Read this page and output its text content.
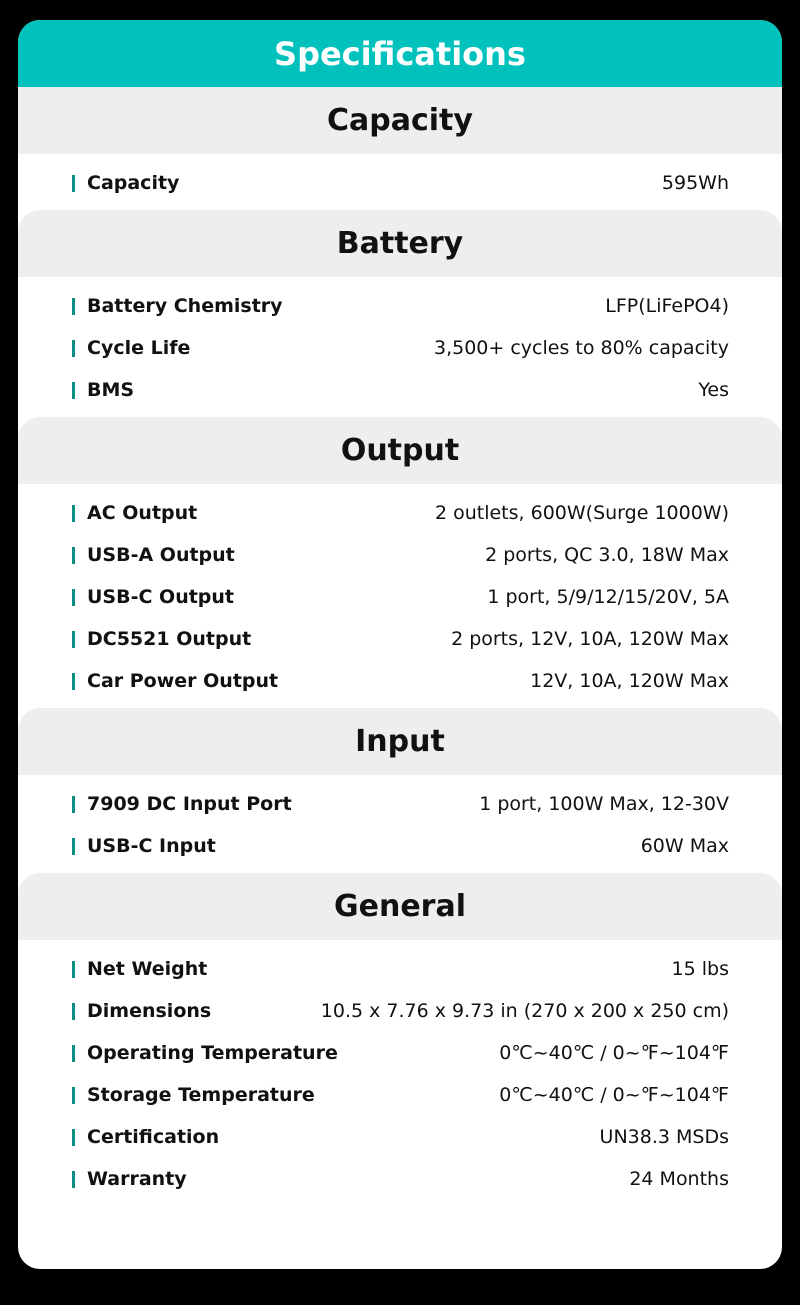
Specifications
Capacity
Capacity	595Wh
Battery
Battery Chemistry	LFP(LiFePO4)
Cycle Life	3,500+ cycles to 80% capacity
BMS	Yes
Output
AC Output	2 outlets, 600W(Surge 1000W)
USB-A Output	2 ports, QC 3.0, 18W Max
USB-C Output	1 port, 5/9/12/15/20V, 5A
DC5521 Output	2 ports, 12V, 10A, 120W Max
Car Power Output	12V, 10A, 120W Max
Input
7909 DC Input Port	1 port, 100W Max, 12-30V
USB-C Input	60W Max
General
Net Weight	15 lbs
Dimensions	10.5 x 7.76 x 9.73 in (270 x 200 x 250 cm)
Operating Temperature	0℃~40℃ / 0~℉~104℉
Storage Temperature	0℃~40℃ / 0~℉~104℉
Certification	UN38.3 MSDs
Warranty	24 Months
